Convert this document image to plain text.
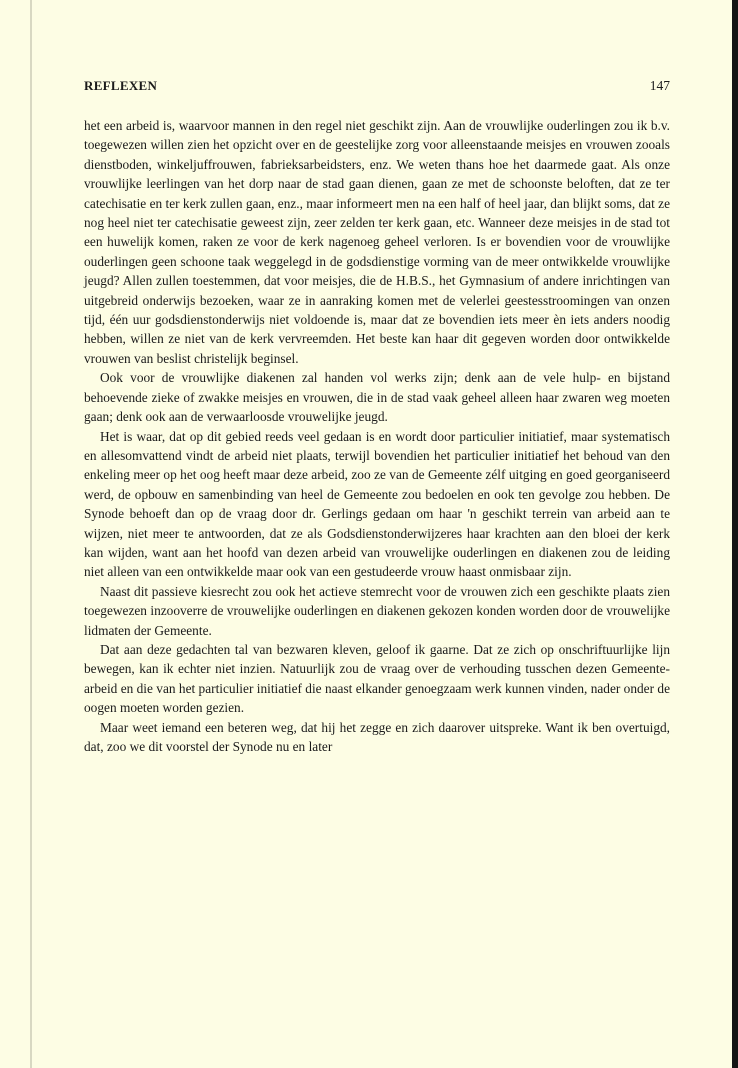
REFLEXEN	147

het een arbeid is, waarvoor mannen in den regel niet geschikt zijn. Aan de vrouwlijke ouderlingen zou ik b.v. toegewezen willen zien het opzicht over en de geestelijke zorg voor alleenstaande meisjes en vrouwen zooals dienstboden, winkeljuffrouwen, fabrieksarbeidsters, enz. We weten thans hoe het daarmede gaat. Als onze vrouwlijke leerlingen van het dorp naar de stad gaan dienen, gaan ze met de schoonste beloften, dat ze ter catechisatie en ter kerk zullen gaan, enz., maar informeert men na een half of heel jaar, dan blijkt soms, dat ze nog heel niet ter catechisatie geweest zijn, zeer zelden ter kerk gaan, etc. Wanneer deze meisjes in de stad tot een huwelijk komen, raken ze voor de kerk nagenoeg geheel verloren. Is er bovendien voor de vrouwlijke ouderlingen geen schoone taak weggelegd in de godsdienstige vorming van de meer ontwikkelde vrouwlijke jeugd? Allen zullen toestemmen, dat voor meisjes, die de H.B.S., het Gymnasium of andere inrichtingen van uitgebreid onderwijs bezoeken, waar ze in aanraking komen met de velerlei geestesstroomingen van onzen tijd, één uur godsdienstonderwijs niet voldoende is, maar dat ze bovendien iets meer èn iets anders noodig hebben, willen ze niet van de kerk vervreemden. Het beste kan haar dit gegeven worden door ontwikkelde vrouwen van beslist christelijk beginsel.

Ook voor de vrouwlijke diakenen zal handen vol werks zijn; denk aan de vele hulp- en bijstand behoevende zieke of zwakke meisjes en vrouwen, die in de stad vaak geheel alleen haar zwaren weg moeten gaan; denk ook aan de verwaarloosde vrouwelijke jeugd.

Het is waar, dat op dit gebied reeds veel gedaan is en wordt door particulier initiatief, maar systematisch en allesomvattend vindt de arbeid niet plaats, terwijl bovendien het particulier initiatief het behoud van den enkeling meer op het oog heeft maar deze arbeid, zoo ze van de Gemeente zélf uitging en goed georganiseerd werd, de opbouw en samenbinding van heel de Gemeente zou bedoelen en ook ten gevolge zou hebben. De Synode behoeft dan op de vraag door dr. Gerlings gedaan om haar 'n geschikt terrein van arbeid aan te wijzen, niet meer te antwoorden, dat ze als Godsdienstonderwijzeres haar krachten aan den bloei der kerk kan wijden, want aan het hoofd van dezen arbeid van vrouwelijke ouderlingen en diakenen zou de leiding niet alleen van een ontwikkelde maar ook van een gestudeerde vrouw haast onmisbaar zijn.

Naast dit passieve kiesrecht zou ook het actieve stemrecht voor de vrouwen zich een geschikte plaats zien toegewezen inzooverre de vrouwelijke ouderlingen en diakenen gekozen konden worden door de vrouwelijke lidmaten der Gemeente.

Dat aan deze gedachten tal van bezwaren kleven, geloof ik gaarne. Dat ze zich op onschriftuurlijke lijn bewegen, kan ik echter niet inzien. Natuurlijk zou de vraag over de verhouding tusschen dezen Gemeente-arbeid en die van het particulier initiatief die naast elkander genoegzaam werk kunnen vinden, nader onder de oogen moeten worden gezien.

Maar weet iemand een beteren weg, dat hij het zegge en zich daarover uitspreke. Want ik ben overtuigd, dat, zoo we dit voorstel der Synode nu en later
